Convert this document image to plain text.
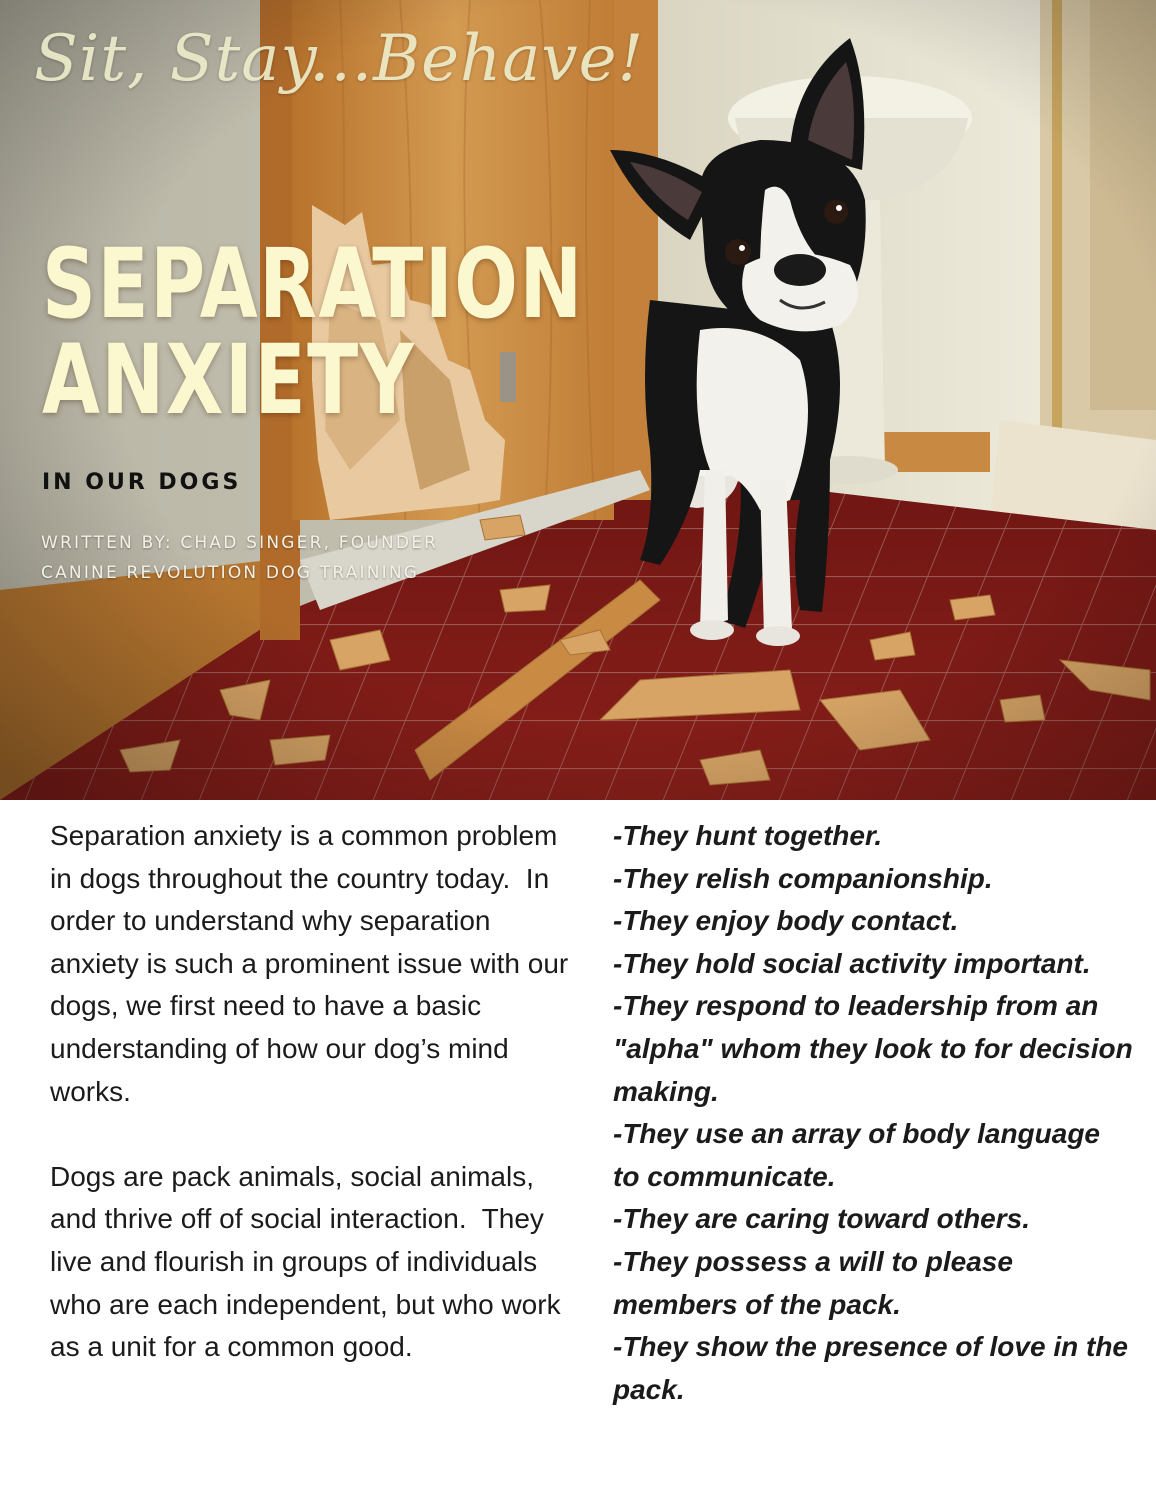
Sit, Stay...Behave!
SEPARATION
ANXIETY
IN OUR DOGS
WRITTEN BY: CHAD SINGER, FOUNDER
CANINE REVOLUTION DOG TRAINING

Separation anxiety is a common problem in dogs throughout the country today.  In order to understand why separation anxiety is such a prominent issue with our dogs, we first need to have a basic understanding of how our dog’s mind works.

Dogs are pack animals, social animals, and thrive off of social interaction.  They live and flourish in groups of individuals who are each independent, but who work as a unit for a common good.

-They hunt together.
-They relish companionship.
-They enjoy body contact.
-They hold social activity important.
-They respond to leadership from an "alpha" whom they look to for decision making.
-They use an array of body language to communicate.
-They are caring toward others.
-They possess a will to please members of the pack.
-They show the presence of love in the pack.
